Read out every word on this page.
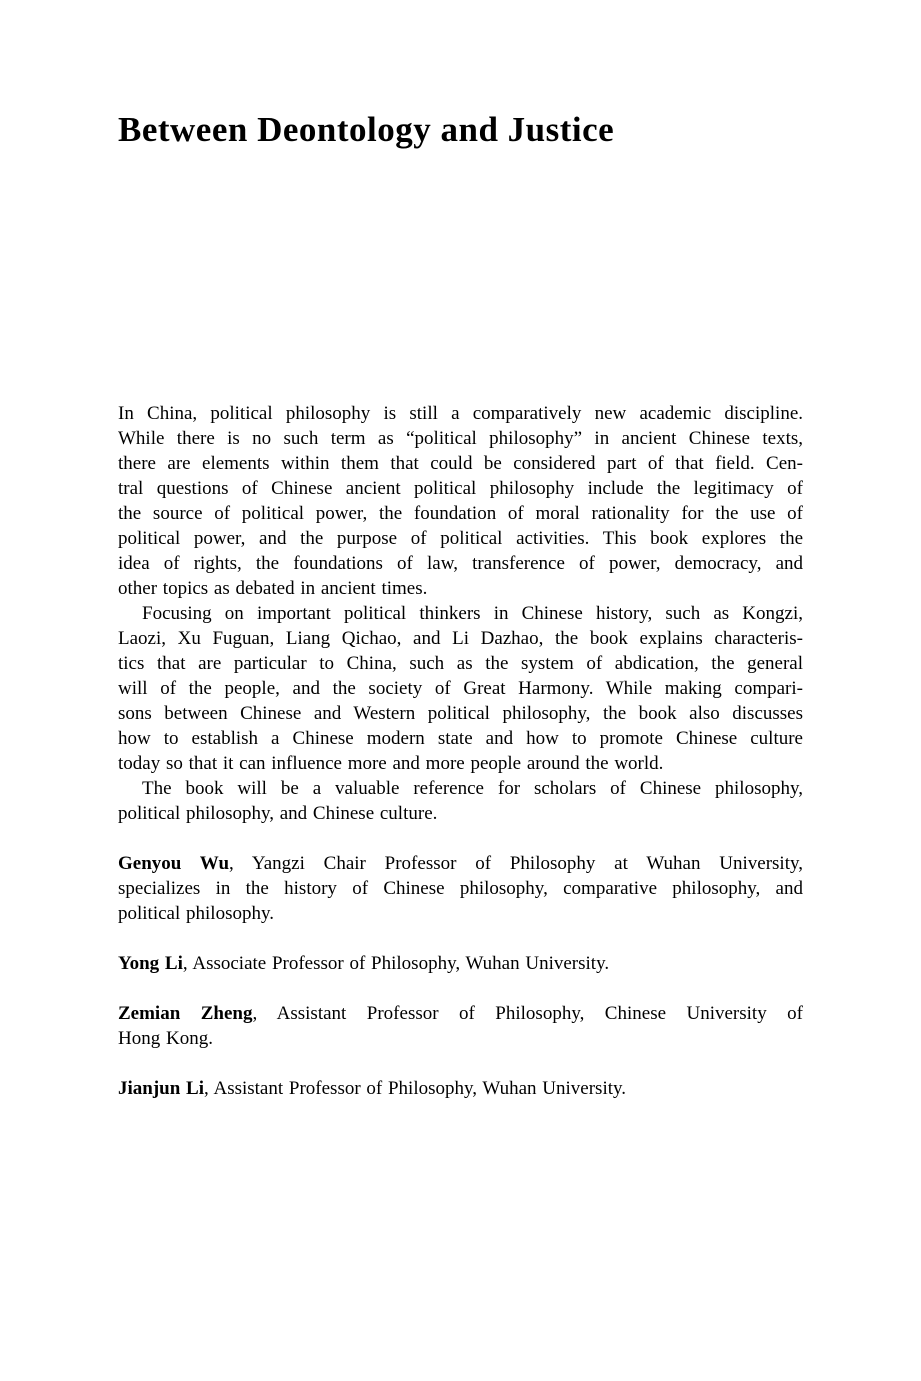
Between Deontology and Justice
In China, political philosophy is still a comparatively new academic discipline.
While there is no such term as “political philosophy” in ancient Chinese texts,
there are elements within them that could be considered part of that field. Cen-
tral questions of Chinese ancient political philosophy include the legitimacy of
the source of political power, the foundation of moral rationality for the use of
political power, and the purpose of political activities. This book explores the
idea of rights, the foundations of law, transference of power, democracy, and
other topics as debated in ancient times.
Focusing on important political thinkers in Chinese history, such as Kongzi,
Laozi, Xu Fuguan, Liang Qichao, and Li Dazhao, the book explains characteris-
tics that are particular to China, such as the system of abdication, the general
will of the people, and the society of Great Harmony. While making compari-
sons between Chinese and Western political philosophy, the book also discusses
how to establish a Chinese modern state and how to promote Chinese culture
today so that it can influence more and more people around the world.
The book will be a valuable reference for scholars of Chinese philosophy,
political philosophy, and Chinese culture.
Genyou Wu, Yangzi Chair Professor of Philosophy at Wuhan University,
specializes in the history of Chinese philosophy, comparative philosophy, and
political philosophy.
Yong Li, Associate Professor of Philosophy, Wuhan University.
Zemian Zheng, Assistant Professor of Philosophy, Chinese University of
Hong Kong.
Jianjun Li, Assistant Professor of Philosophy, Wuhan University.
